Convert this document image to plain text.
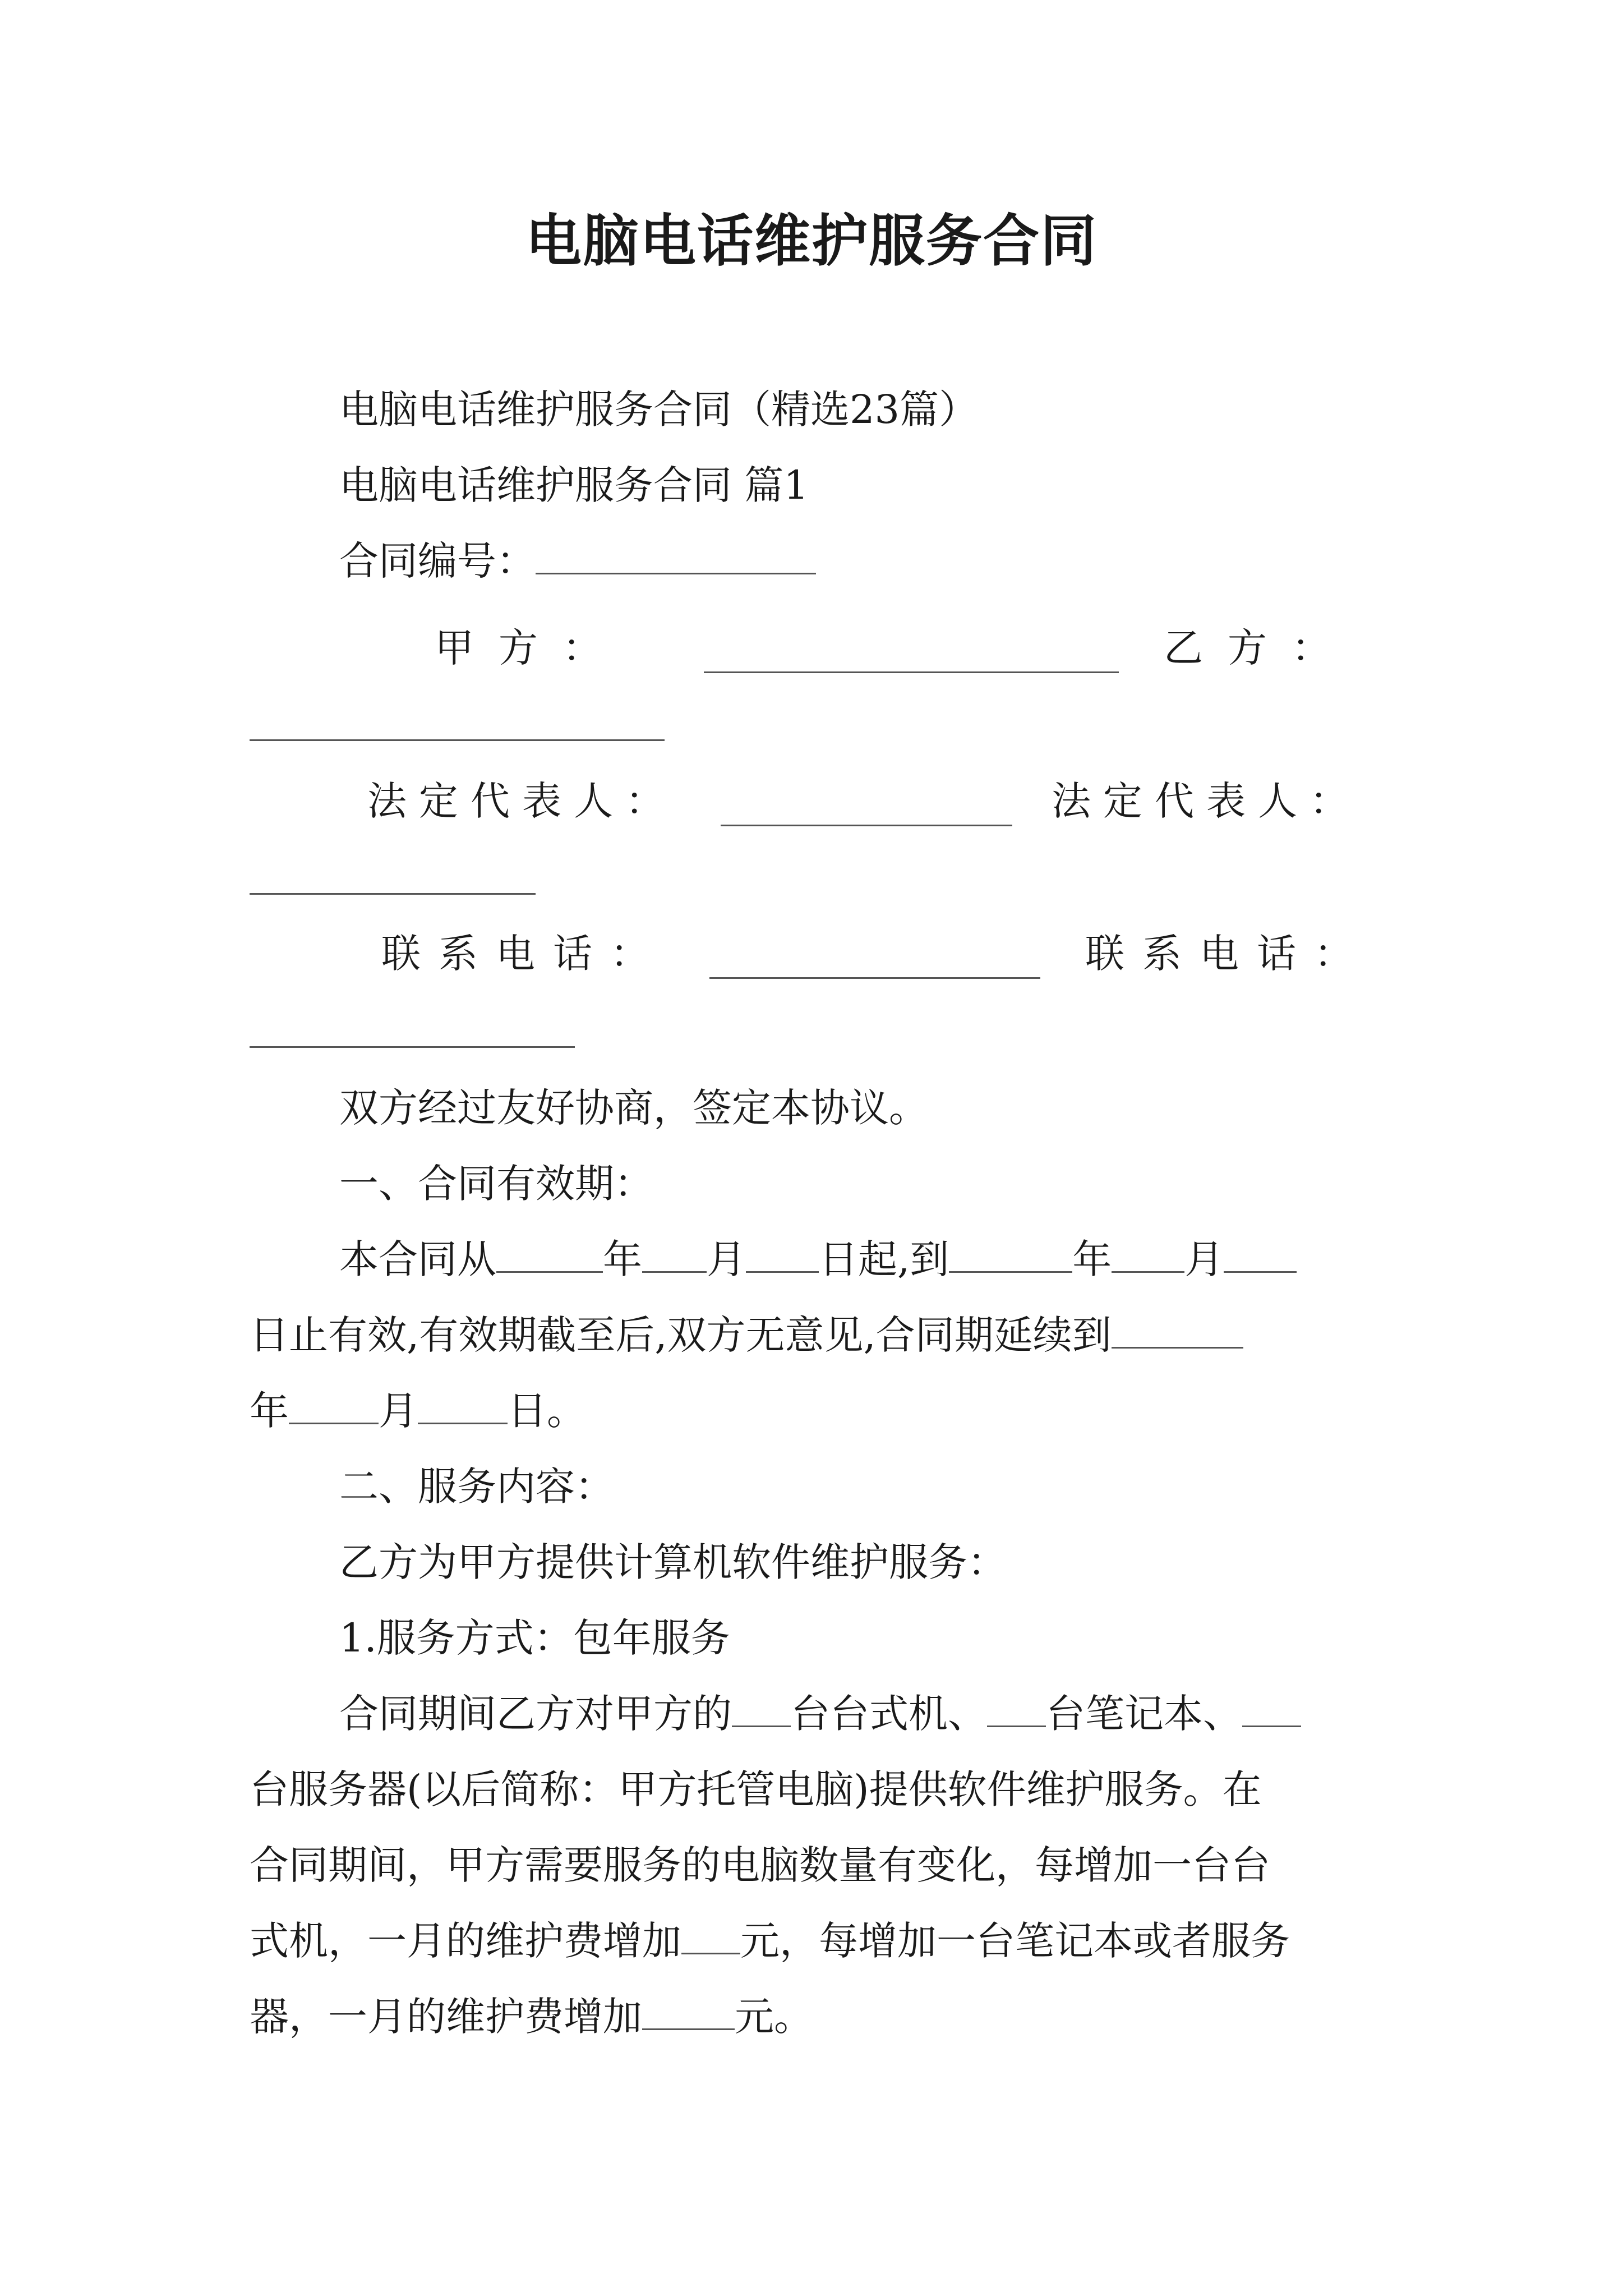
电脑电话维护服务合同

电脑电话维护服务合同（精选23篇）

电脑电话维护服务合同 篇1

合同编号：

甲方：	乙方：
法定代表人：	法定代表人：
联系电话：	联系电话：

双方经过友好协商，签定本协议。

一、合同有效期：

本合同从	年 月 日起,到	年 月

日止有效,有效期截至后,双方无意见,合同期延续到

年 月 日。

二、服务内容：

乙方为甲方提供计算机软件维护服务：

1.服务方式：包年服务

合同期间乙方对甲方的 台台式机、 台笔记本、

台服务器(以后简称：甲方托管电脑)提供软件维护服务。在

合同期间，甲方需要服务的电脑数量有变化，每增加一台台

式机，一月的维护费增加 元，每增加一台笔记本或者服务

器，一月的维护费增加 元。
